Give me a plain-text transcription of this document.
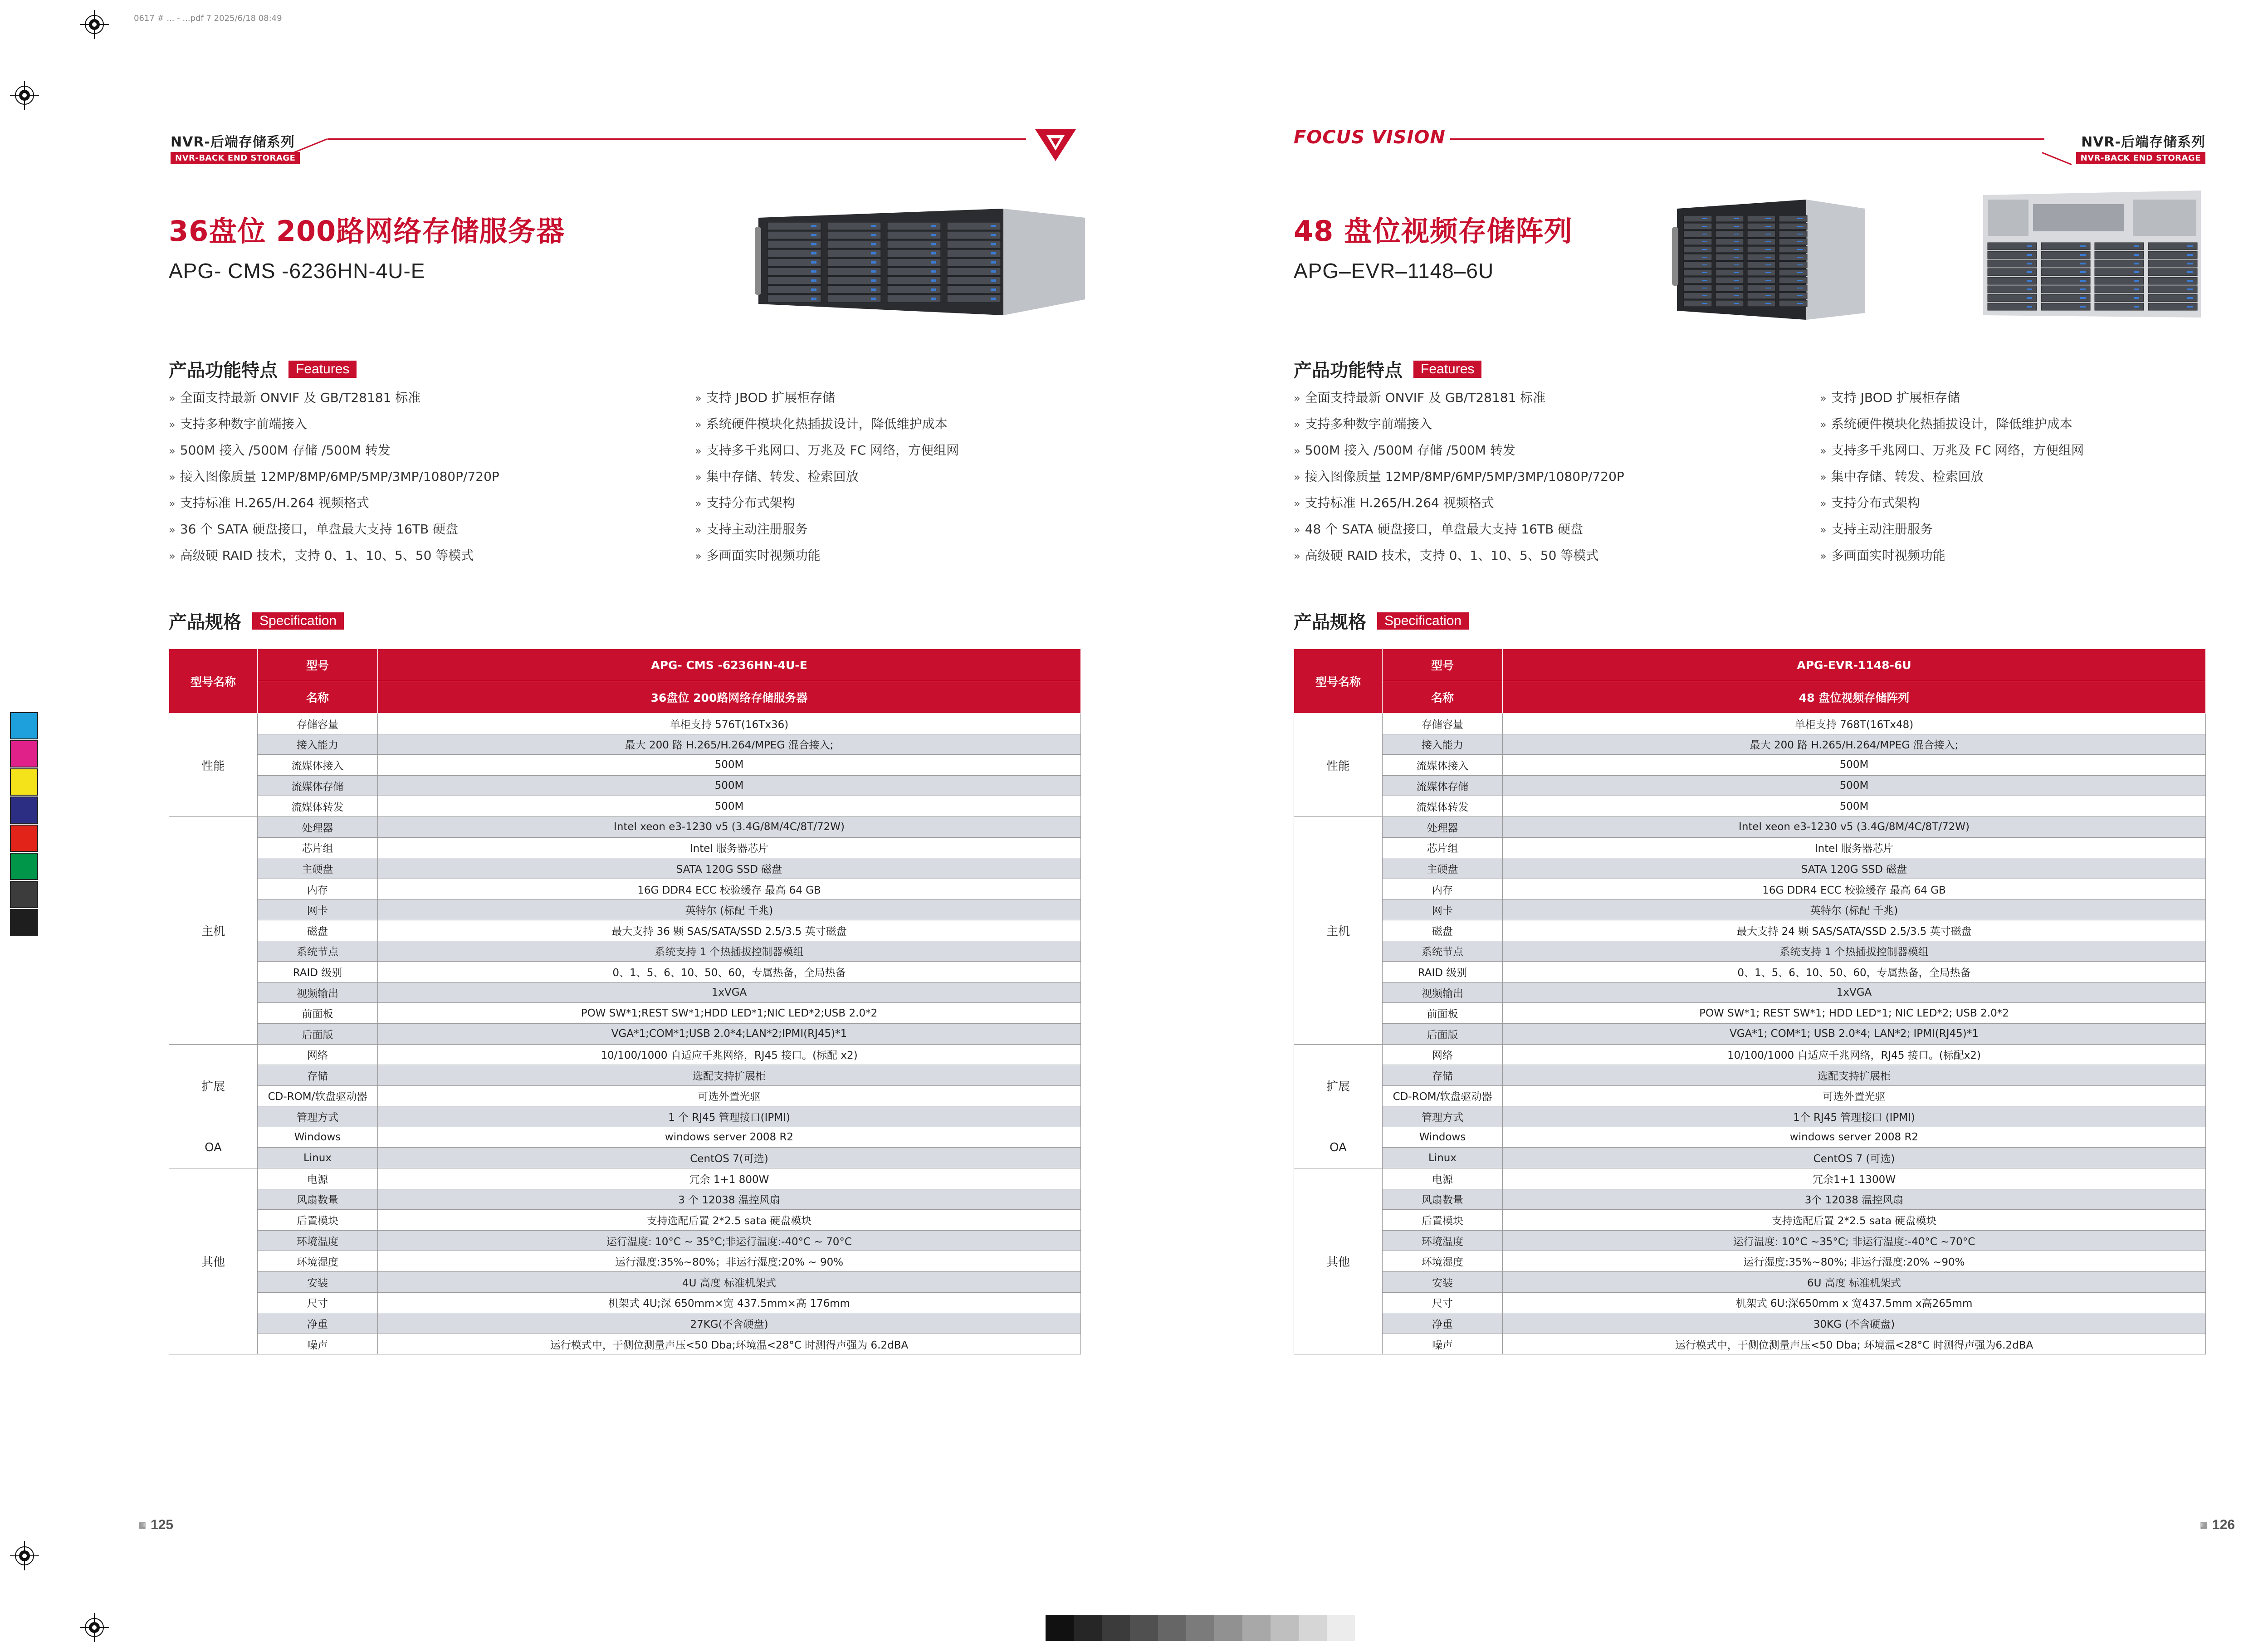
0617 # ... - ...pdf 7 2025/6/18 08:49
NVR-后端存储系列
NVR-BACK END STORAGE
36盘位 200路网络存储服务器
APG- CMS -6236HN-4U-E
产品功能特点	Features
» 全面支持最新 ONVIF 及 GB/T28181 标准	» 支持 JBOD 扩展柜存储
» 支持多种数字前端接入	» 系统硬件模块化热插拔设计，降低维护成本
» 500M 接入 /500M 存储 /500M 转发	» 支持多千兆网口、万兆及 FC 网络，方便组网
» 接入图像质量 12MP/8MP/6MP/5MP/3MP/1080P/720P	» 集中存储、转发、检索回放
» 支持标准 H.265/H.264 视频格式	» 支持分布式架构
» 36 个 SATA 硬盘接口，单盘最大支持 16TB 硬盘	» 支持主动注册服务
» 高级硬 RAID 技术，支持 0、1、10、5、50 等模式	» 多画面实时视频功能
产品规格	Specification
型号名称	型号	APG- CMS -6236HN-4U-E
	名称	36盘位 200路网络存储服务器
性能	存储容量	单柜支持 576T(16Tx36)
	接入能力	最大 200 路 H.265/H.264/MPEG 混合接入;
	流媒体接入	500M
	流媒体存储	500M
	流媒体转发	500M
主机	处理器	Intel xeon e3-1230 v5 (3.4G/8M/4C/8T/72W)
	芯片组	Intel 服务器芯片
	主硬盘	SATA 120G SSD 磁盘
	内存	16G DDR4 ECC 校验缓存 最高 64 GB
	网卡	英特尔 (标配 千兆)
	磁盘	最大支持 36 颗 SAS/SATA/SSD 2.5/3.5 英寸磁盘
	系统节点	系统支持 1 个热插拔控制器模组
	RAID 级别	0、1、5、6、10、50、60，专属热备，全局热备
	视频输出	1xVGA
	前面板	POW SW*1;REST SW*1;HDD LED*1;NIC LED*2;USB 2.0*2
	后面版	VGA*1;COM*1;USB 2.0*4;LAN*2;IPMI(RJ45)*1
扩展	网络	10/100/1000 自适应千兆网络，RJ45 接口。(标配 x2)
	存储	选配支持扩展柜
	CD-ROM/软盘驱动器	可选外置光驱
	管理方式	1 个 RJ45 管理接口(IPMI)
OA	Windows	windows server 2008 R2
	Linux	CentOS 7(可选)
其他	电源	冗余 1+1 800W
	风扇数量	3 个 12038 温控风扇
	后置模块	支持选配后置 2*2.5 sata 硬盘模块
	环境温度	运行温度: 10°C ~ 35°C;非运行温度:-40°C ~ 70°C
	环境湿度	运行湿度:35%~80%；非运行湿度:20% ~ 90%
	安装	4U 高度 标准机架式
	尺寸	机架式 4U;深 650mm×宽 437.5mm×高 176mm
	净重	27KG(不含硬盘)
	噪声	运行模式中，于侧位测量声压<50 Dba;环境温<28°C 时测得声强为 6.2dBA
FOCUS VISION	NVR-后端存储系列
NVR-BACK END STORAGE
48 盘位视频存储阵列
APG–EVR–1148–6U
产品功能特点	Features
» 全面支持最新 ONVIF 及 GB/T28181 标准	» 支持 JBOD 扩展柜存储
» 支持多种数字前端接入	» 系统硬件模块化热插拔设计，降低维护成本
» 500M 接入 /500M 存储 /500M 转发	» 支持多千兆网口、万兆及 FC 网络，方便组网
» 接入图像质量 12MP/8MP/6MP/5MP/3MP/1080P/720P	» 集中存储、转发、检索回放
» 支持标准 H.265/H.264 视频格式	» 支持分布式架构
» 48 个 SATA 硬盘接口，单盘最大支持 16TB 硬盘	» 支持主动注册服务
» 高级硬 RAID 技术，支持 0、1、10、5、50 等模式	» 多画面实时视频功能
产品规格	Specification
型号名称	型号	APG-EVR-1148-6U
	名称	48 盘位视频存储阵列
性能	存储容量	单柜支持 768T(16Tx48)
	接入能力	最大 200 路 H.265/H.264/MPEG 混合接入;
	流媒体接入	500M
	流媒体存储	500M
	流媒体转发	500M
主机	处理器	Intel xeon e3-1230 v5 (3.4G/8M/4C/8T/72W)
	芯片组	Intel 服务器芯片
	主硬盘	SATA 120G SSD 磁盘
	内存	16G DDR4 ECC 校验缓存 最高 64 GB
	网卡	英特尔 (标配 千兆)
	磁盘	最大支持 24 颗 SAS/SATA/SSD 2.5/3.5 英寸磁盘
	系统节点	系统支持 1 个热插拔控制器模组
	RAID 级别	0、1、5、6、10、50、60，专属热备，全局热备
	视频输出	1xVGA
	前面板	POW SW*1; REST SW*1; HDD LED*1; NIC LED*2; USB 2.0*2
	后面版	VGA*1; COM*1; USB 2.0*4; LAN*2; IPMI(RJ45)*1
扩展	网络	10/100/1000 自适应千兆网络，RJ45 接口。(标配x2)
	存储	选配支持扩展柜
	CD-ROM/软盘驱动器	可选外置光驱
	管理方式	1个 RJ45 管理接口 (IPMI)
OA	Windows	windows server 2008 R2
	Linux	CentOS 7 (可选)
其他	电源	冗余1+1 1300W
	风扇数量	3个 12038 温控风扇
	后置模块	支持选配后置 2*2.5 sata 硬盘模块
	环境温度	运行温度: 10°C ~35°C; 非运行温度:-40°C ~70°C
	环境湿度	运行湿度:35%~80%; 非运行湿度:20% ~90%
	安装	6U 高度 标准机架式
	尺寸	机架式 6U:深650mm x 宽437.5mm x高265mm
	净重	30KG (不含硬盘)
	噪声	运行模式中，于侧位测量声压<50 Dba; 环境温<28°C 时测得声强为6.2dBA
▦ 125	▦ 126
